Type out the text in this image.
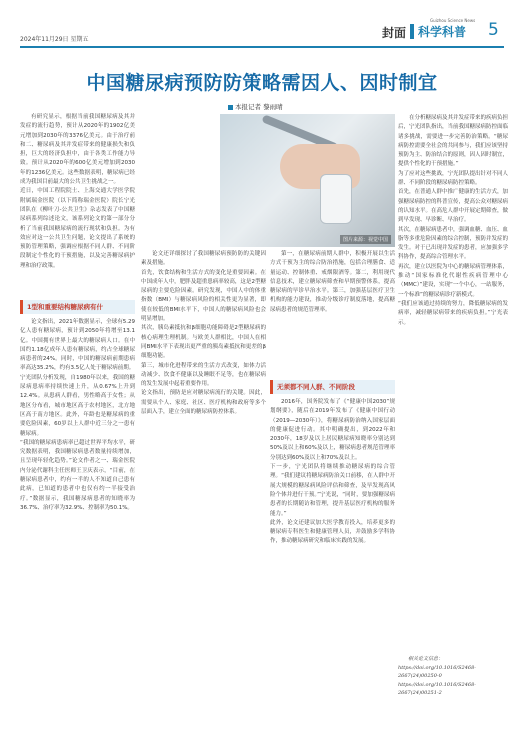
2024年11月29日 星期五	封面
Guizhou Science News
科学科普 5
中国糖尿病预防防策略需因人、因时制宜
本报记者 黎雨晴

有研究显示，根据当前我国糖尿病及其并发症的流行趋势，预计从2020年的1902亿美元增加到2030年的3376亿美元。由于治疗前和二、糖尿病及其并发症带来的健康损失和负担，巨大的经济负担中，由于各类工作能力导致。预计从2020年的600亿美元增加到2030年的1236亿美元。这些数据表明，糖尿病已经成为我国目前最大的公共卫生挑战之一。
近日，中国工程院院士、上海交通大学医学院附属瑞金医院（以下简称瑞金医院）院长宁光团队在《柳叶刀-公共卫生》杂志发表了中国糖尿病系列综述论文，该系列论文的第一部分分析了当前我国糖尿病的流行现状和负担。为有效应对这一公共卫生问题，论文提出了系统的预防管理策略，强调应根据不同人群、不同阶段制定个性化的干预措施，以及完善糖尿病护理和治疗政策。

1型和重要结构糖尿病有什

论文指出，2021年数据显示，全球有5.29亿人患有糖尿病，预计到2050年将增至13.1亿。中国拥有世界上最大的糖尿病人口。在中国约1.18亿成年人患有糖尿病，约占全球糖尿病患者的24%。同时，中国的糖尿病前期患病率高达35.2%，约有3.5亿人处于糖尿病前期。
宁光团队分析发现，自1980年以来，我国的糖尿病患病率持续快速上升，从0.67%上升到12.4%。从患病人群看，男性略高于女性；从地区分布看，城市地区高于农村地区，北方地区高于南方地区。此外，年龄也是糖尿病的重要危险因素，60岁以上人群中近三分之一患有糖尿病。
“我国的糖尿病患病率已超过世界平均水平，研究数据表明，我国糖尿病患者数量持续增加，且呈现年轻化趋势。”论文作者之一、瑞金医院内分泌代谢科主任医师王卫庆表示，“目前，在糖尿病患者中，约有一半的人不知道自己患有此病，已知道的患者中也仅有约一半接受治疗。”数据显示，我国糖尿病患者的知晓率为36.7%、治疗率为32.9%、控制率为50.1%。

图片来源：视觉中国

论文还详细探讨了我国糖尿病预防防的关键因素及措施。
首先，饮食结构和生活方式的变化是重要因素。在中国成年人中，肥胖及超重患病率较高，这是2型糖尿病的主要危险因素。研究发现，中国人中的体重指数（BMI）与糖尿病风险的相关性更为显著，即使在较低的BMI水平下，中国人的糖尿病风险也会明显增加。
其次，胰岛素抵抗和β细胞功能障碍是2型糖尿病的核心病理生理机制。与欧美人群相比，中国人在相同BMI水平下表现出更严重的胰岛素抵抗和更差的β细胞功能。
第三，城市化进程带来的生活方式改变，如体力活动减少、饮食不健康以及睡眠不足等，也在糖尿病的发生发展中起着重要作用。
论文指出，预防是应对糖尿病流行的关键。因此，需要从个人、家庭、社区、医疗机构和政府等多个层面入手，建立全面的糖尿病防控体系。

第一，在糖尿病前期人群中，积极开展以生活方式干预为主的综合防治措施，包括合理膳食、适量运动、控制体重、戒烟限酒等。第二，利用现代信息技术，建立糖尿病筛查和早期预警体系，提高糖尿病的早诊早治水平。第三，加强基层医疗卫生机构的能力建设，推动分级诊疗制度落地，提高糖尿病患者的规范管理率。

无须都不同人群、不同阶段

2016年，国务院发布了《“健康中国2030”规划纲要》，随后在2019年发布了《健康中国行动（2019—2030年）》，将糖尿病防治纳入国家层面的健康促进行动。其中明确提出，到2022年和2030年，18岁及以上居民糖尿病知晓率分别达到50%及以上和60%及以上，糖尿病患者规范管理率分别达到60%及以上和70%及以上。
下一步，宁光团队将继续推动糖尿病的综合管理。“我们建议将糖尿病防治关口前移，在人群中开展大规模的糖尿病风险评估和筛查，及早发现高风险个体并进行干预。”宁光说，“同时，要加强糖尿病患者的长期随访和管理，提升基层医疗机构的服务能力。”
此外，论文还建议加大医学教育投入，培养更多的糖尿病专科医生和健康管理人员，并鼓励多学科协作，推动糖尿病研究和临床实践的发展。

在分析糖尿病及其并发症带来的疾病负担后，宁光团队指出，当前我国糖尿病防控面临诸多挑战，需要进一步完善防治策略。“糖尿病防控需要全社会的共同参与，我们应该坚持预防为主、防治结合的原则，因人因时制宜，提供个性化的干预措施。”
为了应对这些挑战，宁光团队提出针对不同人群、不同阶段的糖尿病防控策略。
首先，在普通人群中推广健康的生活方式，加强糖尿病防控的科普宣传，提高公众对糖尿病的认知水平。在高危人群中开展定期筛查，做到早发现、早诊断、早治疗。
其次，在糖尿病患者中，强调血糖、血压、血脂等多重危险因素的综合控制，预防并发症的发生。对于已出现并发症的患者，应加强多学科协作，提高综合管理水平。
再次，建立以医院为中心的糖尿病管理体系，推动“国家标准化代谢性疾病管理中心（MMC）”建设，实现“一个中心，一站服务，一个标准”的糖尿病诊疗新模式。
“我们应该通过持续的努力，降低糖尿病的发病率，减轻糖尿病带来的疾病负担。”宁光表示。

相关论文信息：
https://doi.org/10.1016/S2468-2667(24)00250-0
https://doi.org/10.1016/S2468-2667(24)00251-2
